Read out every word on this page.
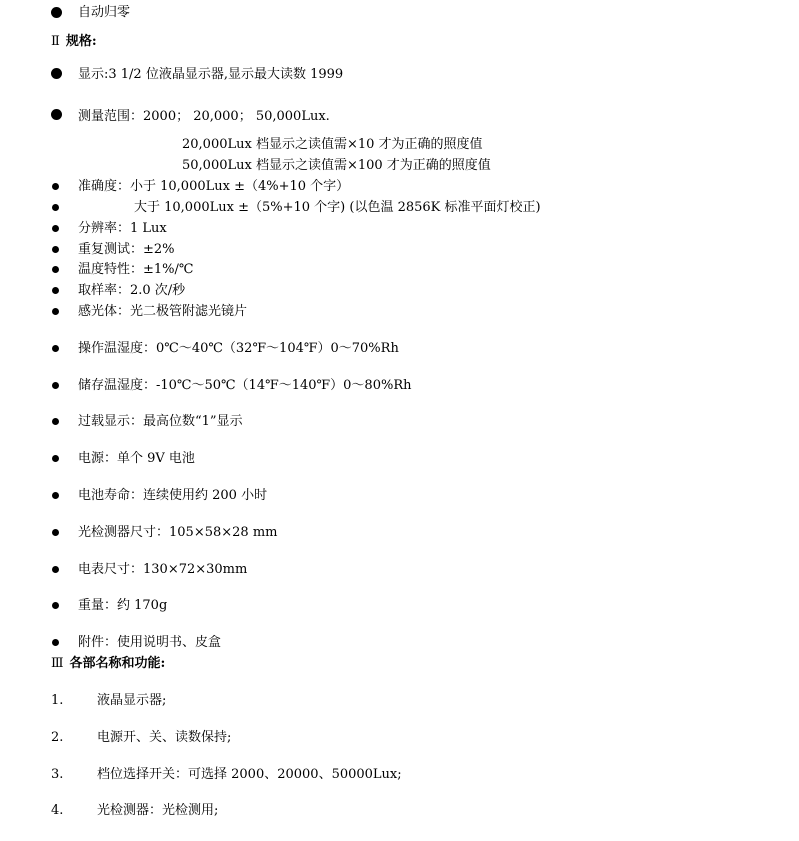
自动归零
Ⅱ 规格:
显示:3 1/2 位液晶显示器,显示最大读数 1999
测量范围：2000； 20,000； 50,000Lux.
20,000Lux 档显示之读值需×10 才为正确的照度值
50,000Lux 档显示之读值需×100 才为正确的照度值
准确度：小于 10,000Lux ±（4%+10 个字）
大于 10,000Lux ±（5%+10 个字) (以色温 2856K 标准平面灯校正)
分辨率：1 Lux
重复测试：±2%
温度特性：±1%/℃
取样率：2.0 次/秒
感光体：光二极管附滤光镜片
操作温湿度：0℃～40℃（32℉～104℉）0～70%Rh
储存温湿度：-10℃～50℃（14℉～140℉）0～80%Rh
过载显示：最高位数“1”显示
电源：单个 9V 电池
电池寿命：连续使用约 200 小时
光检测器尺寸：105×58×28 mm
电表尺寸：130×72×30mm
重量：约 170g
附件：使用说明书、皮盒
Ⅲ 各部名称和功能:
1.	液晶显示器;
2.	电源开、关、读数保持;
3.	档位选择开关：可选择 2000、20000、50000Lux;
4.	光检测器：光检测用;
